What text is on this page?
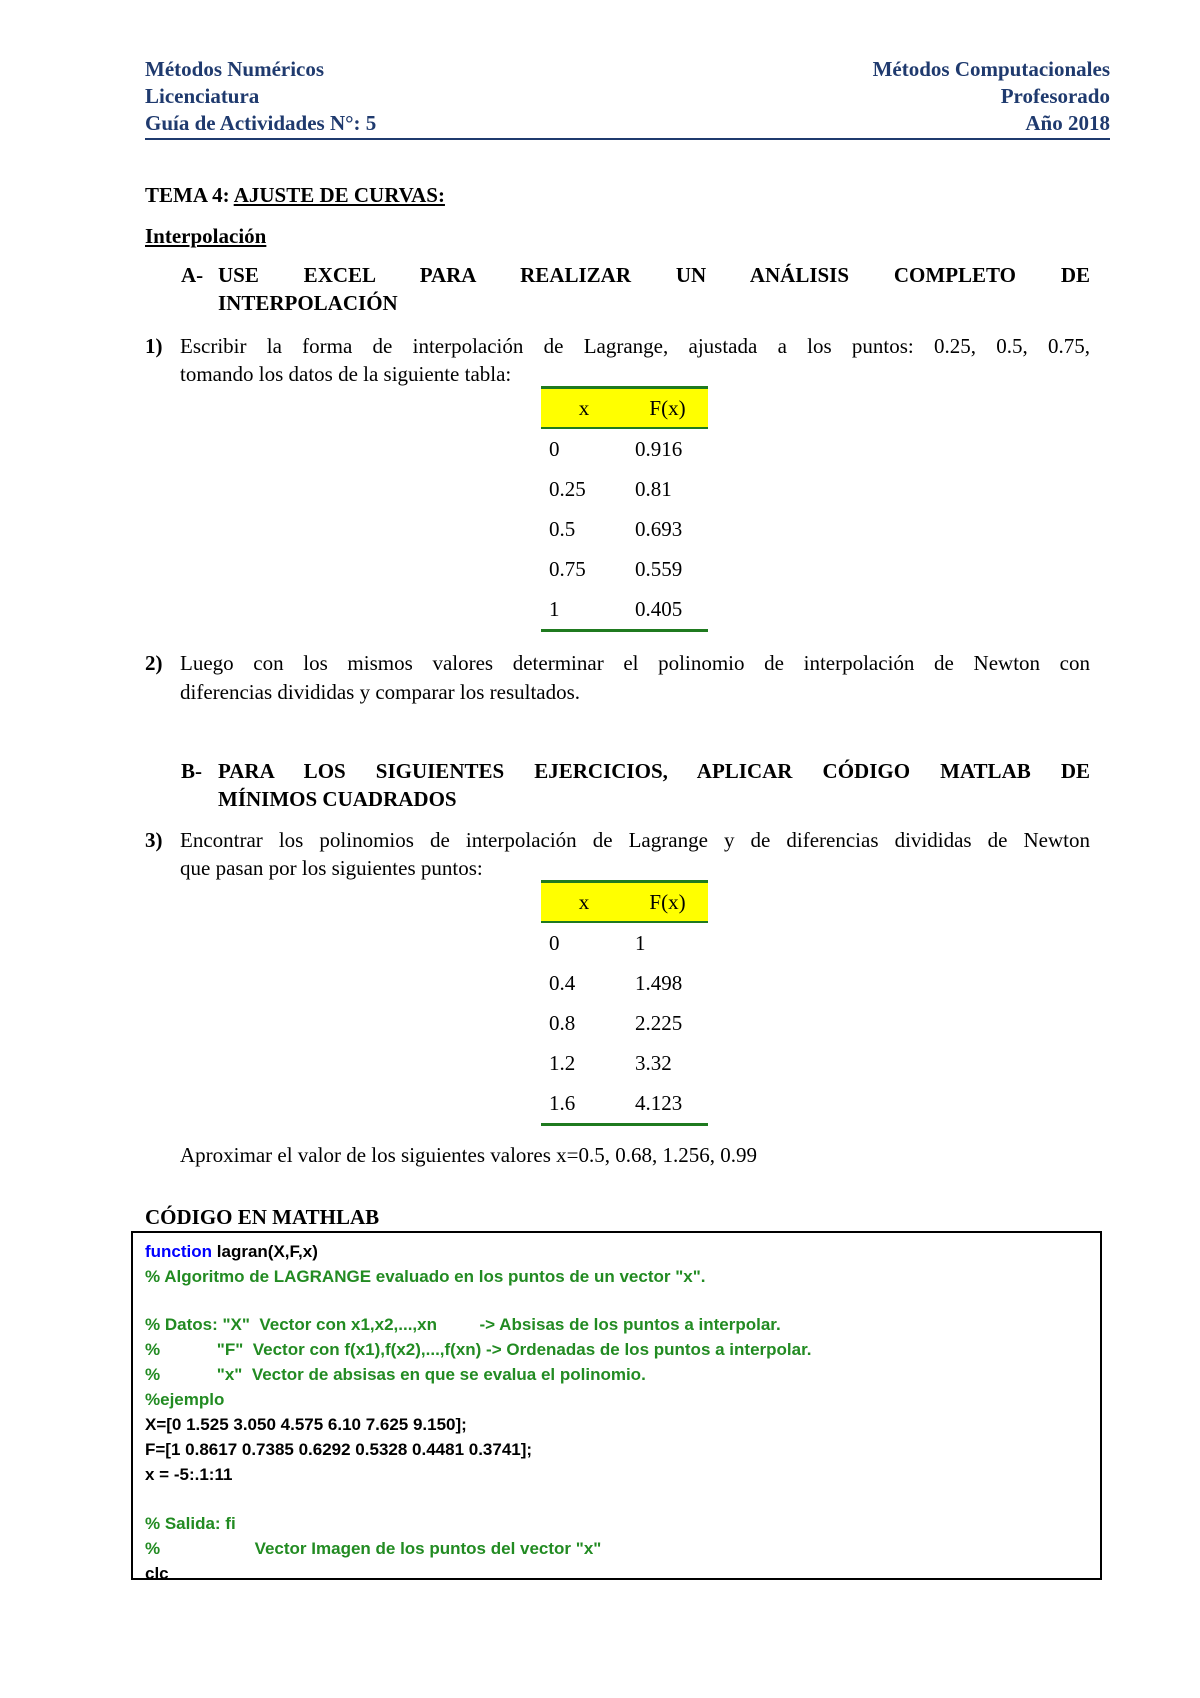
Métodos Numéricos	Métodos Computacionales
Licenciatura	Profesorado
Guía de Actividades N°: 5	Año 2018
TEMA 4: AJUSTE DE CURVAS:
Interpolación
A- USE EXCEL PARA REALIZAR UN ANÁLISIS COMPLETO DE
INTERPOLACIÓN
1) Escribir la forma de interpolación de Lagrange, ajustada a los puntos: 0.25, 0.5, 0.75,
tomando los datos de la siguiente tabla:
x	F(x)
0	0.916
0.25	0.81
0.5	0.693
0.75	0.559
1	0.405
2) Luego con los mismos valores determinar el polinomio de interpolación de Newton con
diferencias divididas y comparar los resultados.
B- PARA LOS SIGUIENTES EJERCICIOS, APLICAR CÓDIGO MATLAB DE
MÍNIMOS CUADRADOS
3) Encontrar los polinomios de interpolación de Lagrange y de diferencias divididas de Newton
que pasan por los siguientes puntos:
x	F(x)
0	1
0.4	1.498
0.8	2.225
1.2	3.32
1.6	4.123
Aproximar el valor de los siguientes valores x=0.5, 0.68, 1.256, 0.99
CÓDIGO EN MATHLAB
function lagran(X,F,x)
% Algoritmo de LAGRANGE evaluado en los puntos de un vector "x".
% Datos: "X"  Vector con x1,x2,...,xn         -> Absisas de los puntos a interpolar.
%            "F"  Vector con f(x1),f(x2),...,f(xn) -> Ordenadas de los puntos a interpolar.
%            "x"  Vector de absisas en que se evalua el polinomio.
%ejemplo
X=[0 1.525 3.050 4.575 6.10 7.625 9.150];
F=[1 0.8617 0.7385 0.6292 0.5328 0.4481 0.3741];
x = -5:.1:11
% Salida: fi
%                    Vector Imagen de los puntos del vector "x"
clc
